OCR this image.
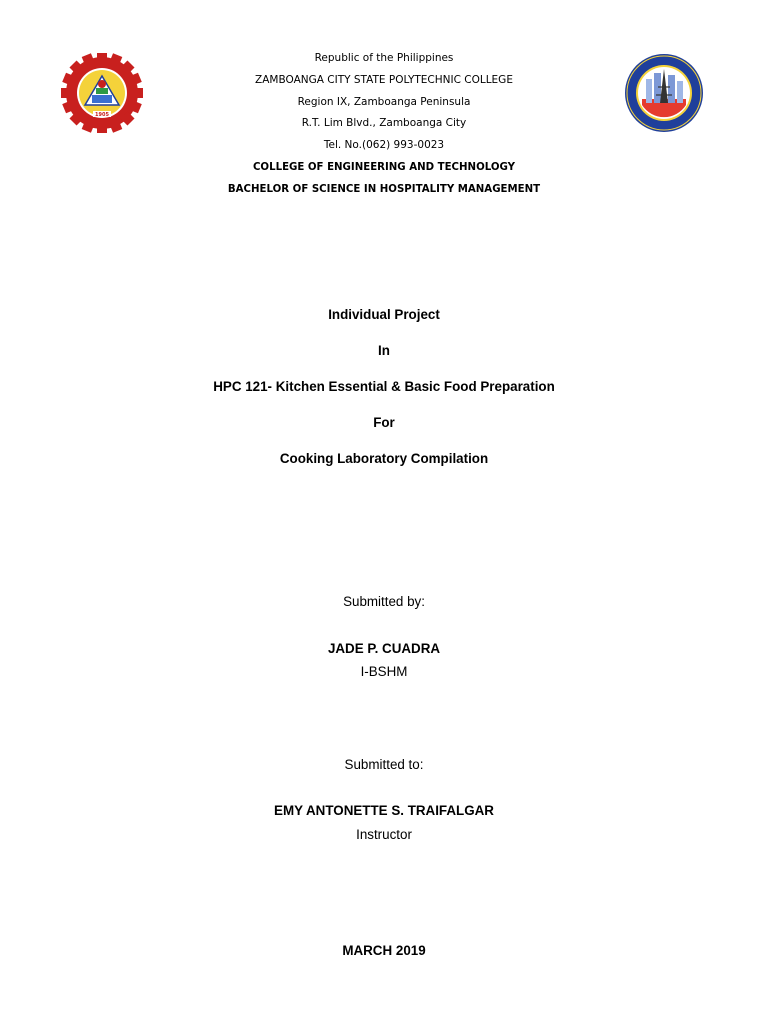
1905
Republic of the Philippines
ZAMBOANGA CITY STATE POLYTECHNIC COLLEGE
Region IX, Zamboanga Peninsula
R.T. Lim Blvd., Zamboanga City
Tel. No.(062) 993-0023
COLLEGE OF ENGINEERING AND TECHNOLOGY
BACHELOR OF SCIENCE IN HOSPITALITY MANAGEMENT
Individual Project
In
HPC 121- Kitchen Essential & Basic Food Preparation
For
Cooking Laboratory Compilation
Submitted by:
JADE P. CUADRA
I-BSHM
Submitted to:
EMY ANTONETTE S. TRAIFALGAR
Instructor
MARCH 2019
